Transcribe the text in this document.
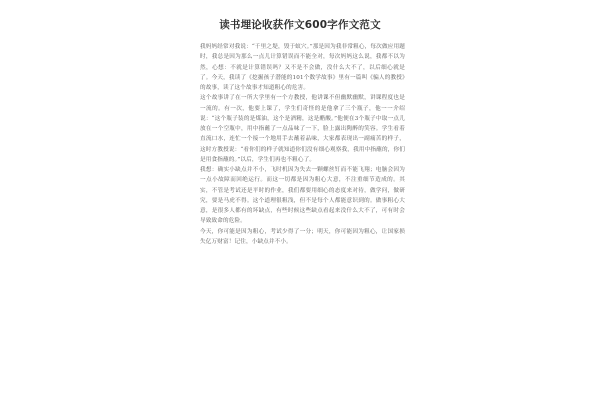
读书埋论收获作文600字作文范文

我妈妈经常对我说：“千里之堤，毁于蚁穴。”那是因为我非常粗心，每次做应用题时，我总是因为那么一点儿计算错误而不能全对，每次妈妈这么说，我都不以为然，心想：不就是计算错误吗？又不是不会做，没什么大不了，以后细心就是了。今天，我读了《挖掘孩子潜能的101个数学故事》里有一篇叫《骗人的教授》的故事，读了这个故事才知道粗心的危害。

这个故事讲了在一所大学里有一个方教授，他讲课不但幽默幽默，讲课程度也是一流的。有一次，他要上课了，学生们奇怪的是他拿了三个瓶子，他一一介绍说：“这个瓶子装的是煤油，这个是酒精，这是醋酸。”他便在3个瓶子中取一点儿放在一个空瓶中，用中指蘸了一点品味了一下，脸上露出陶醉的笑容。学生看着直流口水，连忙一个接一个地用手去蘸着品味，大家都表现出一副痛苦的样子，这时方教授说：“看你们的样子就知道你们没有细心观察我，我用中指蘸的，你们是用食指蘸的。”以后，学生们再也不粗心了。

我想：确实小缺点并不小，飞时机因为失去一颗螺丝钉而不能飞翔；电脑会因为一点小故障而回绝运行。而这一切都是因为粗心大意，不注重细节造成的。其实，不管是考试还是平时的作业，我们都要用细心的态度来对待，做学问，做研究，要是马虎不得。这个道理很粗浅，但不是每个人都能意识到的。做事粗心大意，是很多人都有的坏缺点，有些时候这些缺点看起来没什么大不了，可有时会导致致命的危险。

今天，你可能是因为粗心，考试少得了一分；明天，你可能因为粗心，让国家损失亿万财富！记住，小缺点并不小。
